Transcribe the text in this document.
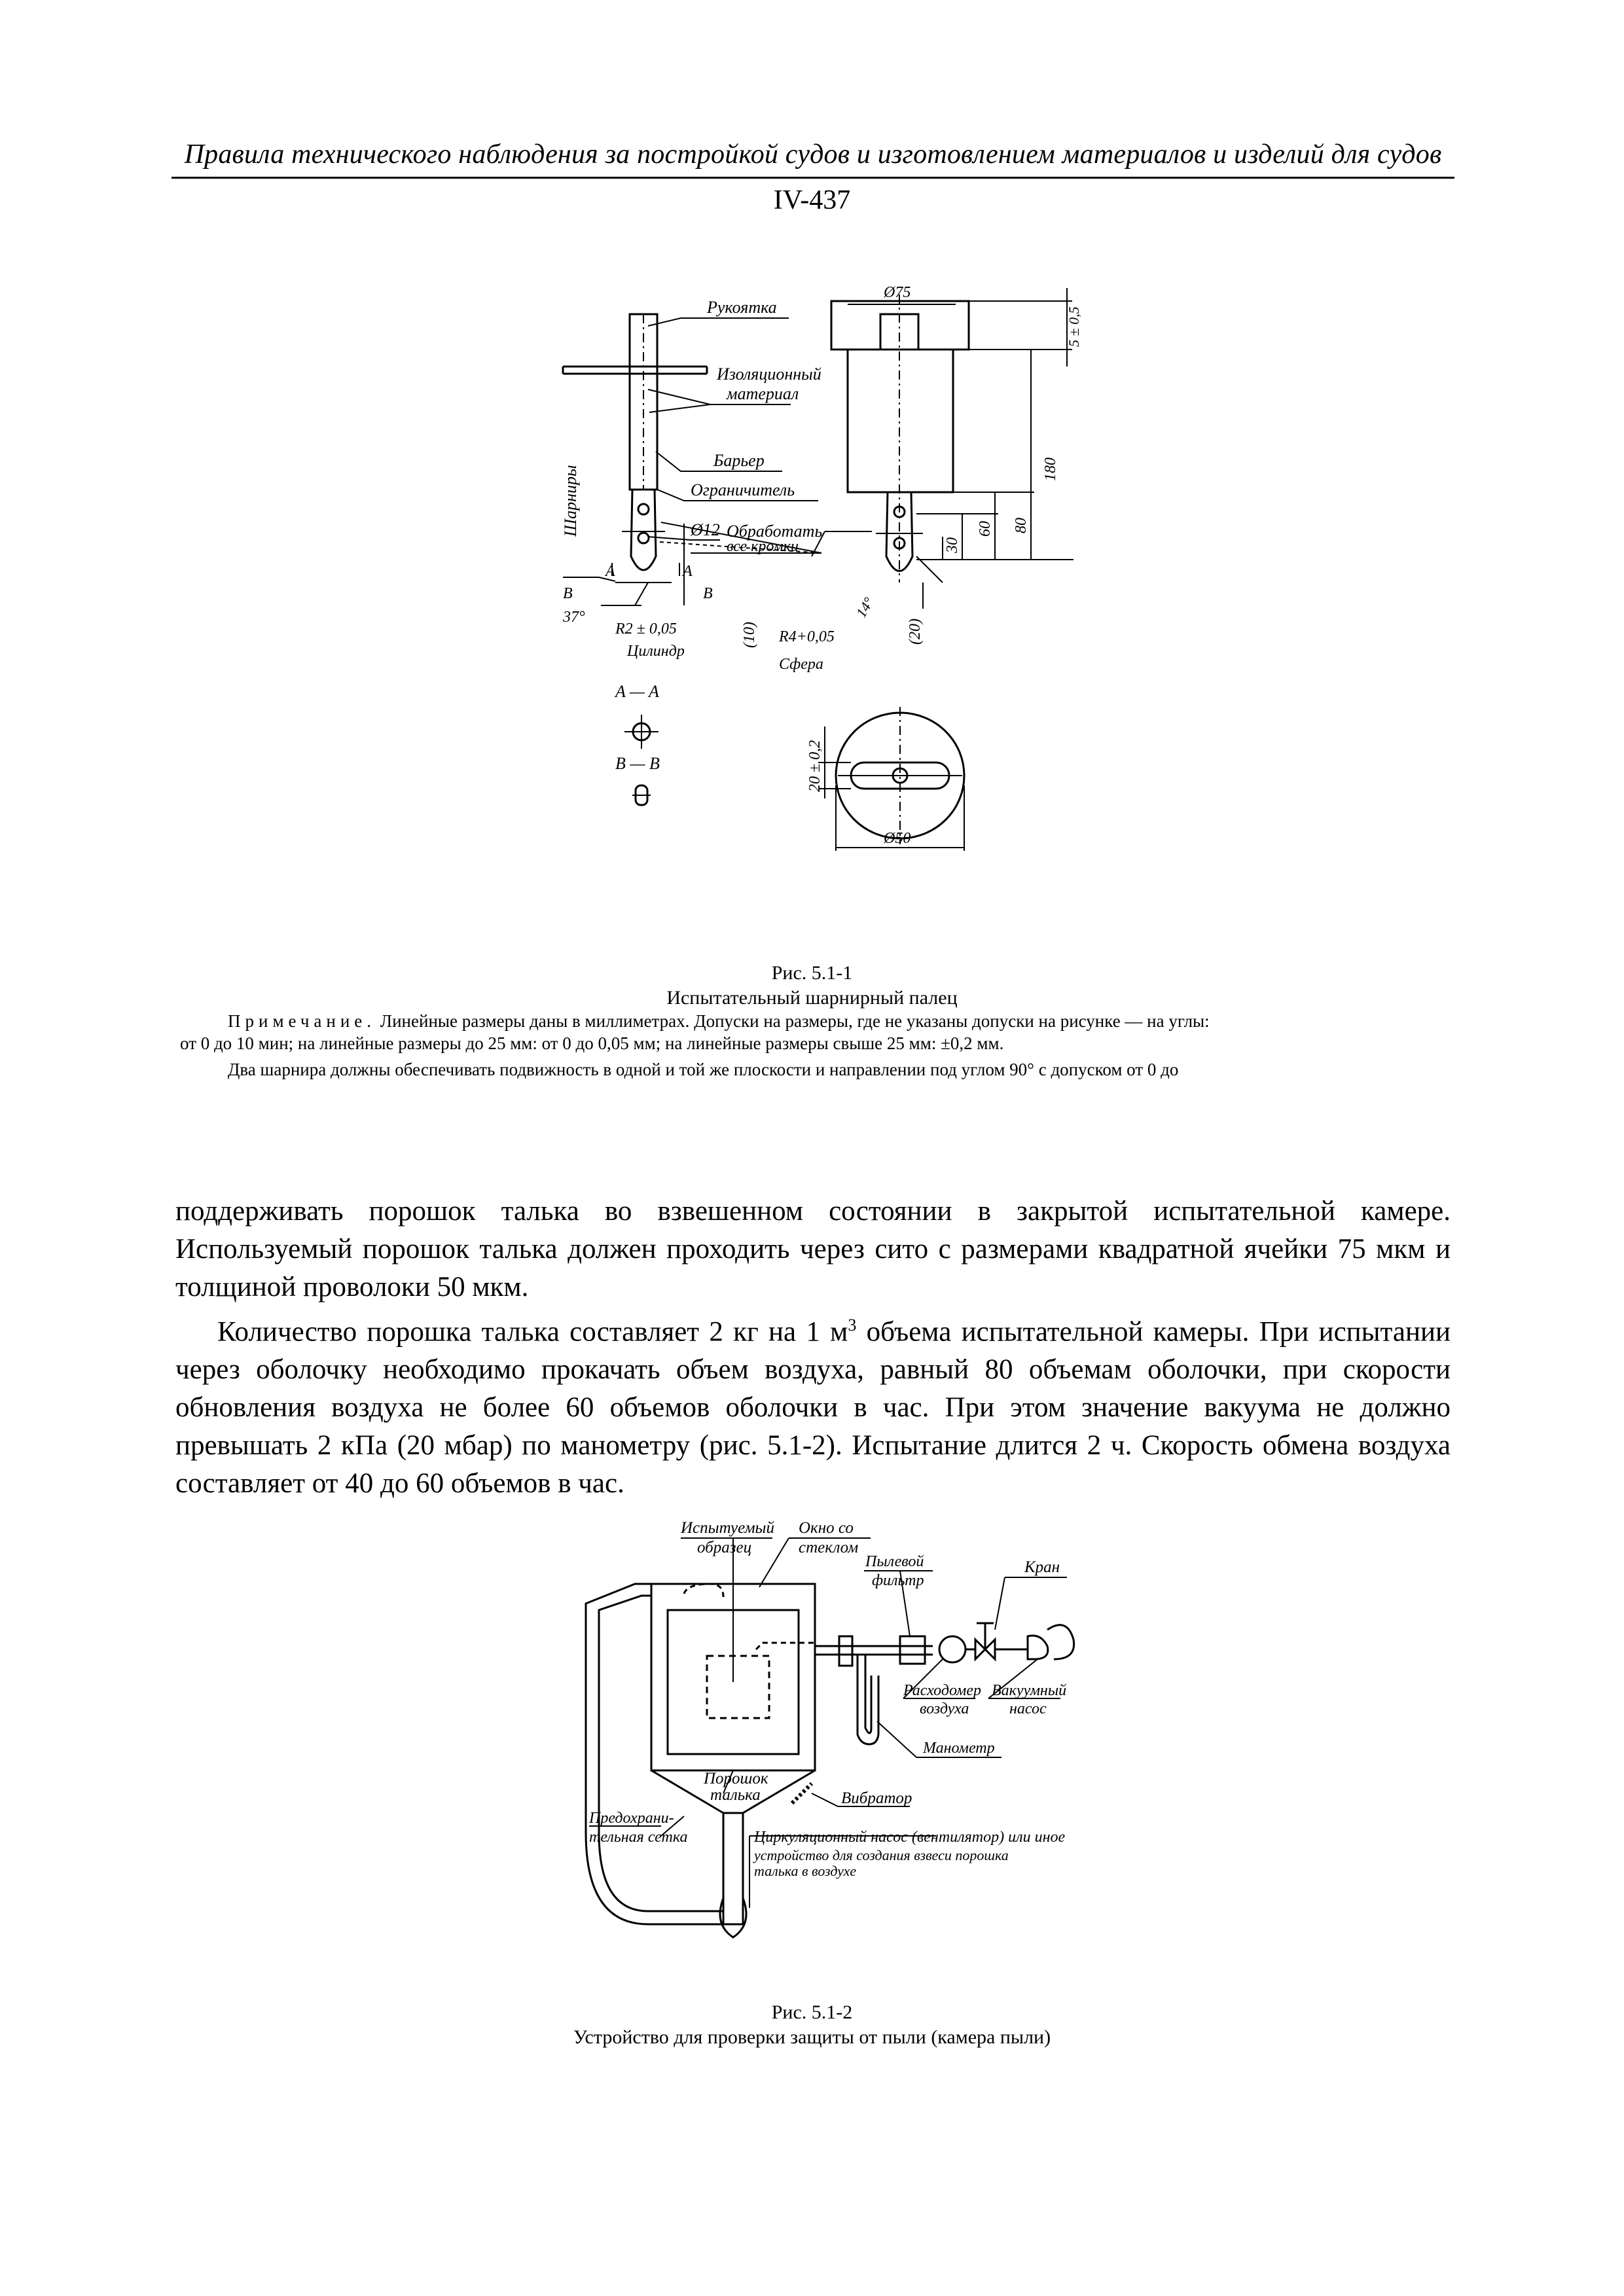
Правила технического наблюдения за постройкой судов и изготовлением материалов и изделий для судов
IV-437
Рукоятка
Изоляционный
материал
Барьер
Ограничитель
Шарниры	Ø12 Обработать
все кромки
A	A
B	B
37°
R2 ± 0,05
Цилиндр
(10) R4+0,05
Сфера
(20)
14°
30
60 80
180
Ø75
5 ± 0,5
A — A
B — B	20 ± 0,2
Ø50
Рис. 5.1-1
Испытательный шарнирный палец
Примечание. Линейные размеры даны в миллиметрах. Допуски на размеры, где не указаны допуски на рисунке — на углы:
от 0 до 10 мин; на линейные размеры до 25 мм: от 0 до 0,05 мм; на линейные размеры свыше 25 мм: ±0,2 мм.
Два шарнира должны обеспечивать подвижность в одной и той же плоскости и направлении под углом 90° с допуском от 0 до

поддерживать порошок талька во взвешенном состоянии в закрытой испытательной камере. Используемый порошок талька должен проходить через сито с размерами квадратной ячейки 75 мкм и толщиной проволоки 50 мкм.

Количество порошка талька составляет 2 кг на 1 $м^3$ объема испытательной камеры. При испытании через оболочку необходимо прокачать объем воздуха, равный 80 объемам оболочки, при скорости обновления воздуха не более 60 объемов оболочки в час. При этом значение вакуума не должно превышать 2 кПа (20 мбар) по манометру (рис. 5.1-2). Испытание длится 2 ч. Скорость обмена воздуха составляет от 40 до 60 объемов в час.

Испытуемый
образец
Окно со
стеклом
Пылевой
фильтр
Кран
Расходомер
воздуха
Вакуумный
насос
Манометр
Порошок
талька	Вибратор
Предохрани-
тельная сетка	Циркуляционный насос (вентилятор) или иное
устройство для создания взвеси порошка
талька в воздухе
Рис. 5.1-2
Устройство для проверки защиты от пыли (камера пыли)
